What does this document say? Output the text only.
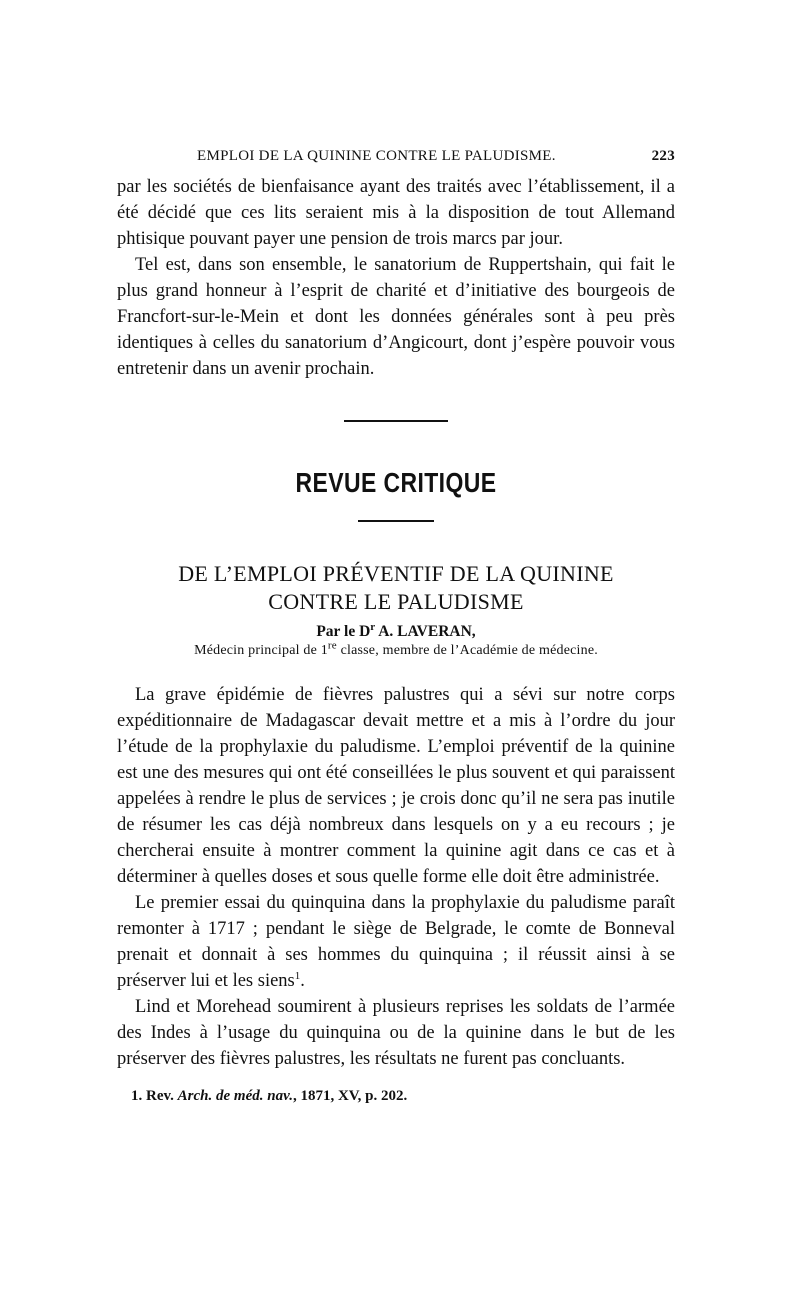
EMPLOI DE LA QUININE CONTRE LE PALUDISME.	223

par les sociétés de bienfaisance ayant des traités avec l’établissement, il a été décidé que ces lits seraient mis à la disposition de tout Allemand phtisique pouvant payer une pension de trois marcs par jour.

Tel est, dans son ensemble, le sanatorium de Ruppertshain, qui fait le plus grand honneur à l’esprit de charité et d’initiative des bourgeois de Francfort-sur-le-Mein et dont les données générales sont à peu près identiques à celles du sanatorium d’Angicourt, dont j’espère pouvoir vous entretenir dans un avenir prochain.

REVUE CRITIQUE
DE L’EMPLOI PRÉVENTIF DE LA QUININE
CONTRE LE PALUDISME
Par le $D^r$ A. LAVERAN,
Médecin principal de 1re classe, membre de l’Académie de médecine.

La grave épidémie de fièvres palustres qui a sévi sur notre corps expéditionnaire de Madagascar devait mettre et a mis à l’ordre du jour l’étude de la prophylaxie du paludisme. L’emploi préventif de la quinine est une des mesures qui ont été conseillées le plus souvent et qui paraissent appelées à rendre le plus de services ; je crois donc qu’il ne sera pas inutile de résumer les cas déjà nombreux dans lesquels on y a eu recours ; je chercherai ensuite à montrer comment la quinine agit dans ce cas et à déterminer à quelles doses et sous quelle forme elle doit être administrée.

Le premier essai du quinquina dans la prophylaxie du paludisme paraît remonter à 1717 ; pendant le siège de Belgrade, le comte de Bonneval prenait et donnait à ses hommes du quinquina ; il réussit ainsi à se préserver lui et les siens$^1$.

Lind et Morehead soumirent à plusieurs reprises les soldats de l’armée des Indes à l’usage du quinquina ou de la quinine dans le but de les préserver des fièvres palustres, les résultats ne furent pas concluants.

1. Rev. Arch. de méd. nav., 1871, XV, p. 202.
